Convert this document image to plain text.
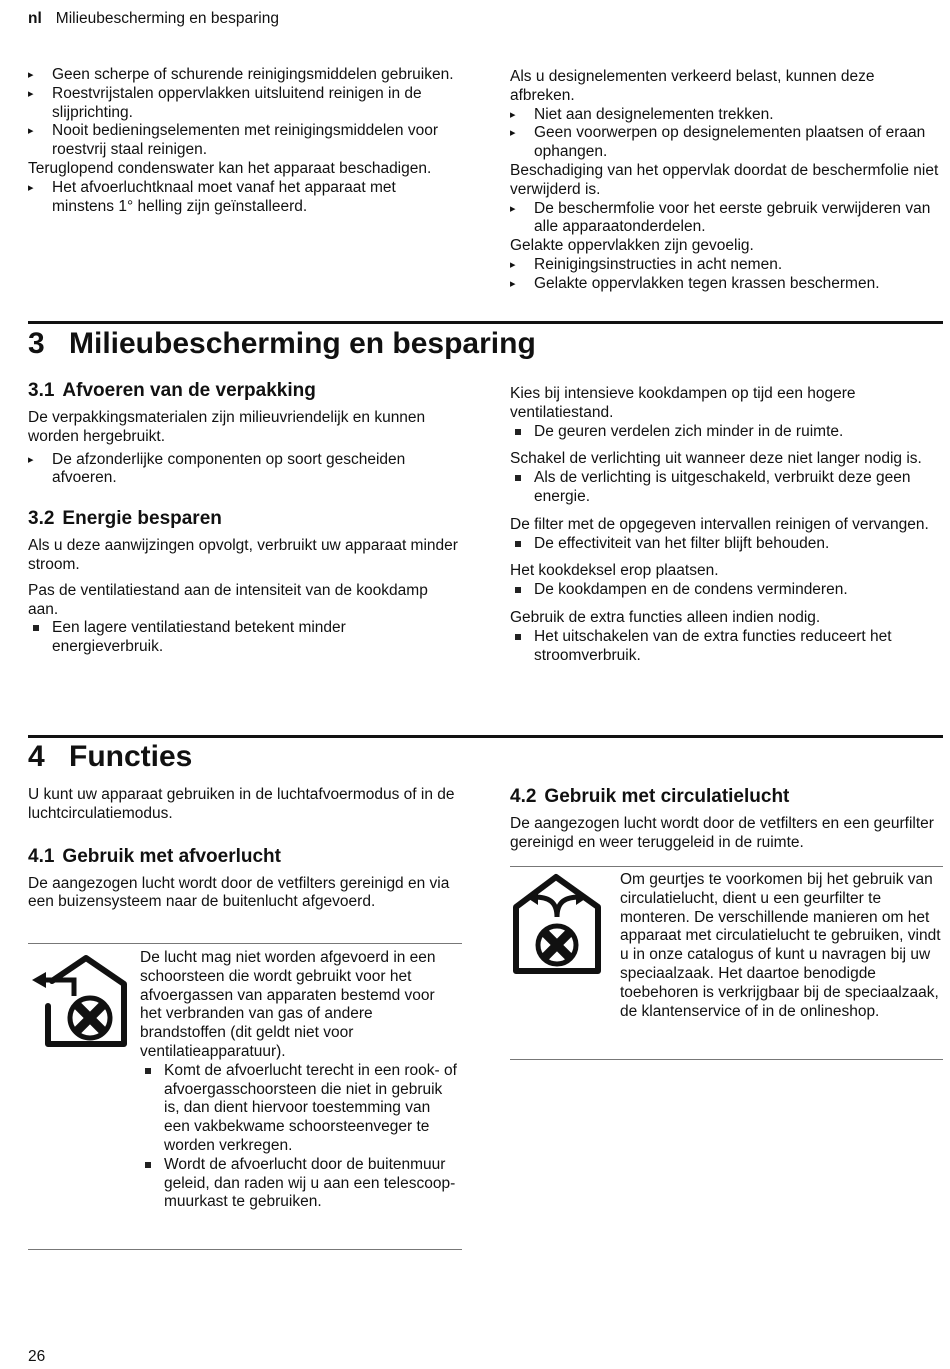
nl Milieubescherming en besparing

▸ Geen scherpe of schurende reinigingsmiddelen gebruiken.

▸ Roestvrijstalen oppervlakken uitsluitend reinigen in de slijprichting.

▸ Nooit bedieningselementen met reinigingsmiddelen voor roestvrij staal reinigen.

Teruglopend condenswater kan het apparaat beschadigen.

▸ Het afvoerluchtknaal moet vanaf het apparaat met minstens 1° helling zijn geïnstalleerd.

Als u designelementen verkeerd belast, kunnen deze afbreken.

▸ Niet aan designelementen trekken.

▸ Geen voorwerpen op designelementen plaatsen of eraan ophangen.

Beschadiging van het oppervlak doordat de beschermfolie niet verwijderd is.

▸ De beschermfolie voor het eerste gebruik verwijderen van alle apparaatonderdelen.

Gelakte oppervlakken zijn gevoelig.

▸ Reinigingsinstructies in acht nemen.

▸ Gelakte oppervlakken tegen krassen beschermen.

3 Milieubescherming en besparing
3.1 Afvoeren van de verpakking

De verpakkingsmaterialen zijn milieuvriendelijk en kunnen worden hergebruikt.

▸ De afzonderlijke componenten op soort gescheiden afvoeren.

3.2 Energie besparen

Als u deze aanwijzingen opvolgt, verbruikt uw apparaat minder stroom.

Pas de ventilatiestand aan de intensiteit van de kookdamp aan.

Een lagere ventilatiestand betekent minder energieverbruik.

Kies bij intensieve kookdampen op tijd een hogere ventilatiestand.

De geuren verdelen zich minder in de ruimte.

Schakel de verlichting uit wanneer deze niet langer nodig is.

Als de verlichting is uitgeschakeld, verbruikt deze geen energie.

De filter met de opgegeven intervallen reinigen of vervangen.

De effectiviteit van het filter blijft behouden.

Het kookdeksel erop plaatsen.

De kookdampen en de condens verminderen.

Gebruik de extra functies alleen indien nodig.

Het uitschakelen van de extra functies reduceert het stroomverbruik.

4 Functies

U kunt uw apparaat gebruiken in de luchtafvoermodus of in de luchtcirculatiemodus.

4.1 Gebruik met afvoerlucht

De aangezogen lucht wordt door de vetfilters gereinigd en via een buizensysteem naar de buitenlucht afgevoerd.

De lucht mag niet worden afgevoerd in een schoorsteen die wordt gebruikt voor het afvoergassen van apparaten bestemd voor het verbranden van gas of andere brandstoffen (dit geldt niet voor ventilatieapparatuur).

Komt de afvoerlucht terecht in een rook- of afvoergasschoorsteen die niet in gebruik is, dan dient hiervoor toestemming van een vakbekwame schoorsteenveger te worden verkregen.

Wordt de afvoerlucht door de buitenmuur geleid, dan raden wij u aan een telescoop-muurkast te gebruiken.

4.2 Gebruik met circulatielucht

De aangezogen lucht wordt door de vetfilters en een geurfilter gereinigd en weer teruggeleid in de ruimte.

Om geurtjes te voorkomen bij het gebruik van circulatielucht, dient u een geurfilter te monteren. De verschillende manieren om het apparaat met circulatielucht te gebruiken, vindt u in onze catalogus of kunt u navragen bij uw speciaalzaak. Het daartoe benodigde toebehoren is verkrijgbaar bij de speciaalzaak, de klantenservice of in de onlineshop.

26
